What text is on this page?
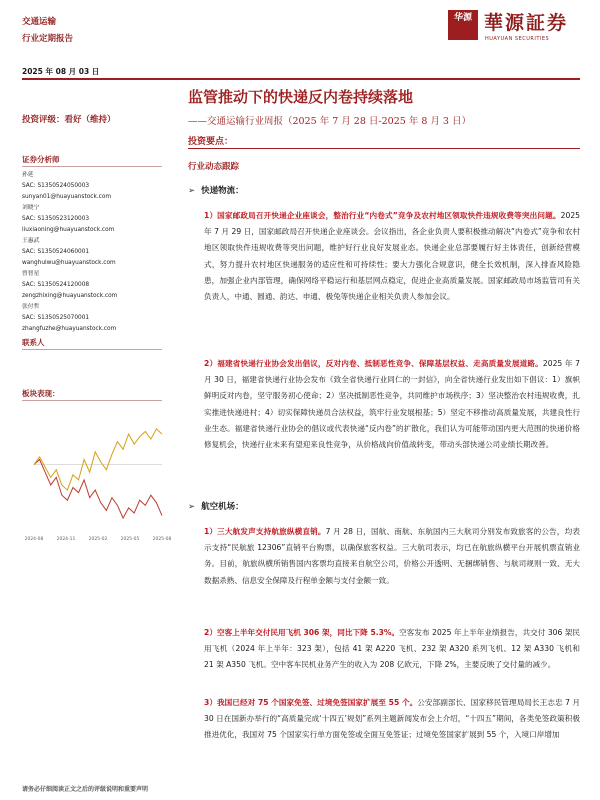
交通运输
行业定期报告
华源 華源証券
HUAYUAN SECURITIES
2025 年 08 月 03 日
监管推动下的快递反内卷持续落地
投资评级：看好（维持）	——交通运输行业周报（2025 年 7 月 28 日-2025 年 8 月 3 日）
投资要点：
行业动态跟踪
证券分析师
孙延
SAC: S1350524050003
sunyan01@huayuanstock.com
刘晓宁
SAC: S1350523120003
liuxiaoning@huayuanstock.com
王惠武
SAC: S1350524060001
wanghuiwu@huayuanstock.com
曾智星
SAC: S1350524120008
zengzhixing@huayuanstock.com
张付哲
SAC: S1350525070001
zhangfuzhe@huayuanstock.com
联系人
板块表现：
2024-08	2024-11	2025-02	2025-05	2025-08
➢ 快递物流：
1）国家邮政局召开快递企业座谈会，整治行业“内卷式”竞争及农村地区领取快件违规收费等突出问题。2025 年 7 月 29 日，国家邮政局召开快递企业座谈会。会议指出，各企业负责人要积极推动解决“内卷式”竞争和农村地区领取快件违规收费等突出问题，维护好行业良好发展业态。快递企业总部要履行好主体责任，创新经营模式，努力提升农村地区快递服务的适应性和可持续性；要大力强化合规意识，健全长效机制，深入排查风险隐患，加强企业内部管理，确保网络平稳运行和基层网点稳定，促进企业高质量发展。国家邮政局市场监管司有关负责人，中通、圆通、韵达、申通、极兔等快递企业相关负责人参加会议。
2）福建省快递行业协会发出倡议，反对内卷、抵制恶性竞争、保障基层权益、走高质量发展道路。2025 年 7 月 30 日，福建省快递行业协会发布《致全省快递行业同仁的一封信》，向全省快递行业发出如下倡议：1）旗帜鲜明反对内卷，坚守服务初心使命；2）坚决抵制恶性竞争，共同维护市场秩序；3）坚决整治农村违规收费，扎实推进快递进村；4）切实保障快递员合法权益，筑牢行业发展根基；5）坚定不移推动高质量发展，共建良性行业生态。福建省快递行业协会的倡议或代表快递“反内卷”的扩散化，我们认为可能带动国内更大范围的快递价格修复机会，快递行业未来有望迎来良性竞争，从价格战向价值战转变，带动头部快递公司业绩长期改善。
➢ 航空机场：
1）三大航发声支持航旅纵横直销。7 月 28 日，国航、南航、东航国内三大航司分别发布致旅客的公告，均表示支持“民航旅 12306”直销平台购票，以确保旅客权益。三大航司表示，均已在航旅纵横平台开展机票直销业务。目前，航旅纵横所销售国内客票均直接来自航空公司，价格公开透明、无捆绑销售、与航司规则一致、无大数据杀熟、信息安全保障及行程单金额与支付金额一致。
2）空客上半年交付民用飞机 306 架，同比下降 5.3%。空客发布 2025 年上半年业绩报告，共交付 306 架民用飞机（2024 年上半年：323 架），包括 41 架 A220 飞机、232 架 A320 系列飞机、12 架 A330 飞机和 21 架 A350 飞机。空中客车民机业务产生的收入为 208 亿欧元，下降 2%，主要反映了交付量的减少。
3）我国已经对 75 个国家免签、过境免签国家扩展至 55 个。公安部副部长、国家移民管理局局长王志忠 7 月 30 日在国新办举行的“高质量完成‘十四五’规划”系列主题新闻发布会上介绍，“十四五”期间，各类免签政策积极推进优化，我国对 75 个国家实行单方面免签或全面互免签证；过境免签国家扩展到 55 个，入境口岸增加
请务必仔细阅读正文之后的评级说明和重要声明
